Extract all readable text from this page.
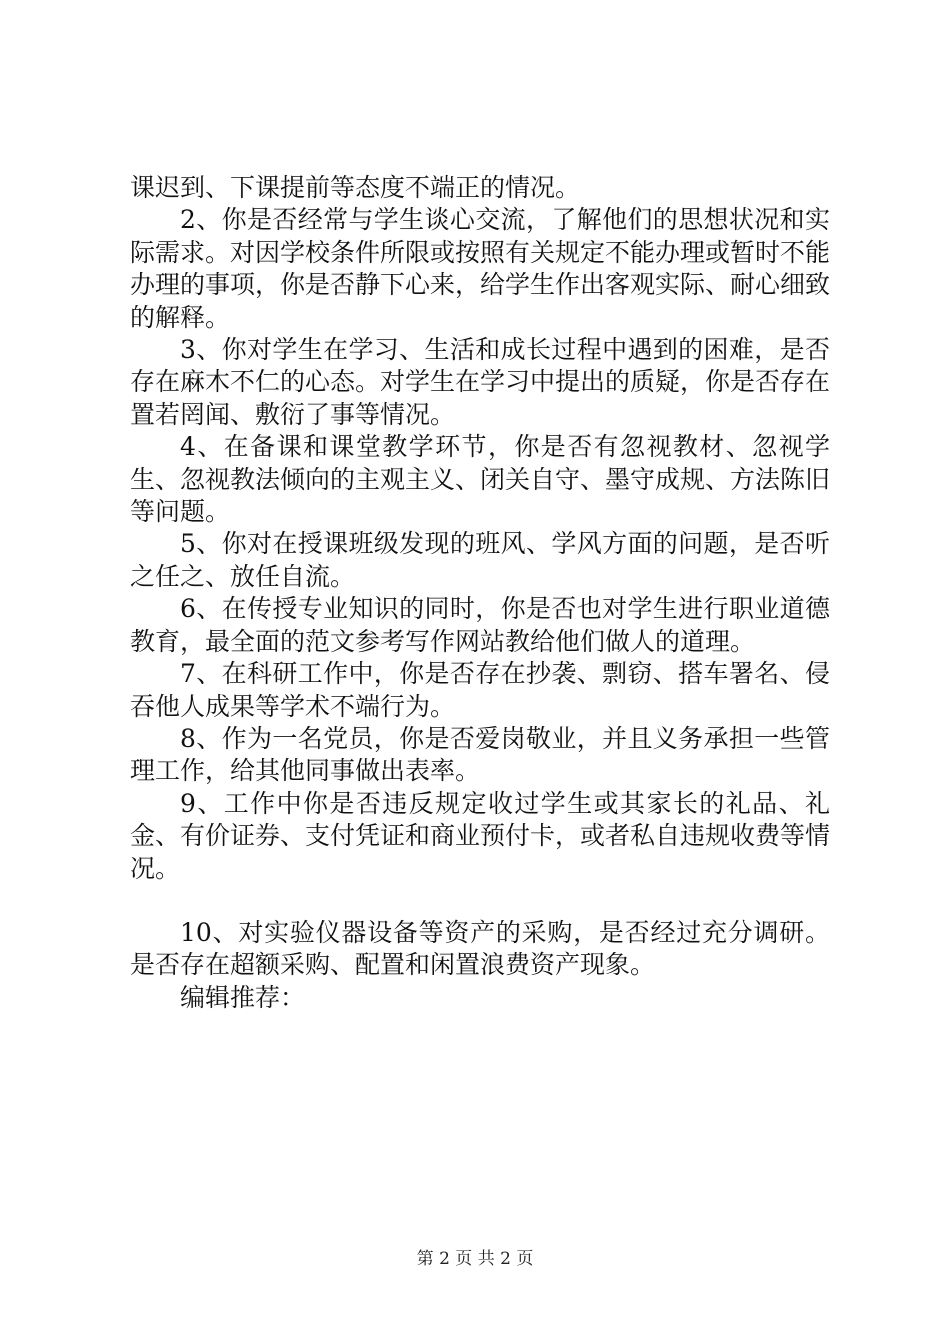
课迟到、下课提前等态度不端正的情况。

2、你是否经常与学生谈心交流，了解他们的思想状况和实际需求。对因学校条件所限或按照有关规定不能办理或暂时不能办理的事项，你是否静下心来，给学生作出客观实际、耐心细致的解释。

3、你对学生在学习、生活和成长过程中遇到的困难，是否存在麻木不仁的心态。对学生在学习中提出的质疑，你是否存在置若罔闻、敷衍了事等情况。

4、在备课和课堂教学环节，你是否有忽视教材、忽视学生、忽视教法倾向的主观主义、闭关自守、墨守成规、方法陈旧等问题。

5、你对在授课班级发现的班风、学风方面的问题，是否听之任之、放任自流。

6、在传授专业知识的同时，你是否也对学生进行职业道德教育，最全面的范文参考写作网站教给他们做人的道理。

7、在科研工作中，你是否存在抄袭、剽窃、搭车署名、侵吞他人成果等学术不端行为。

8、作为一名党员，你是否爱岗敬业，并且义务承担一些管理工作，给其他同事做出表率。

9、工作中你是否违反规定收过学生或其家长的礼品、礼金、有价证券、支付凭证和商业预付卡，或者私自违规收费等情况。

10、对实验仪器设备等资产的采购，是否经过充分调研。是否存在超额采购、配置和闲置浪费资产现象。

编辑推荐：

第 2 页 共 2 页
